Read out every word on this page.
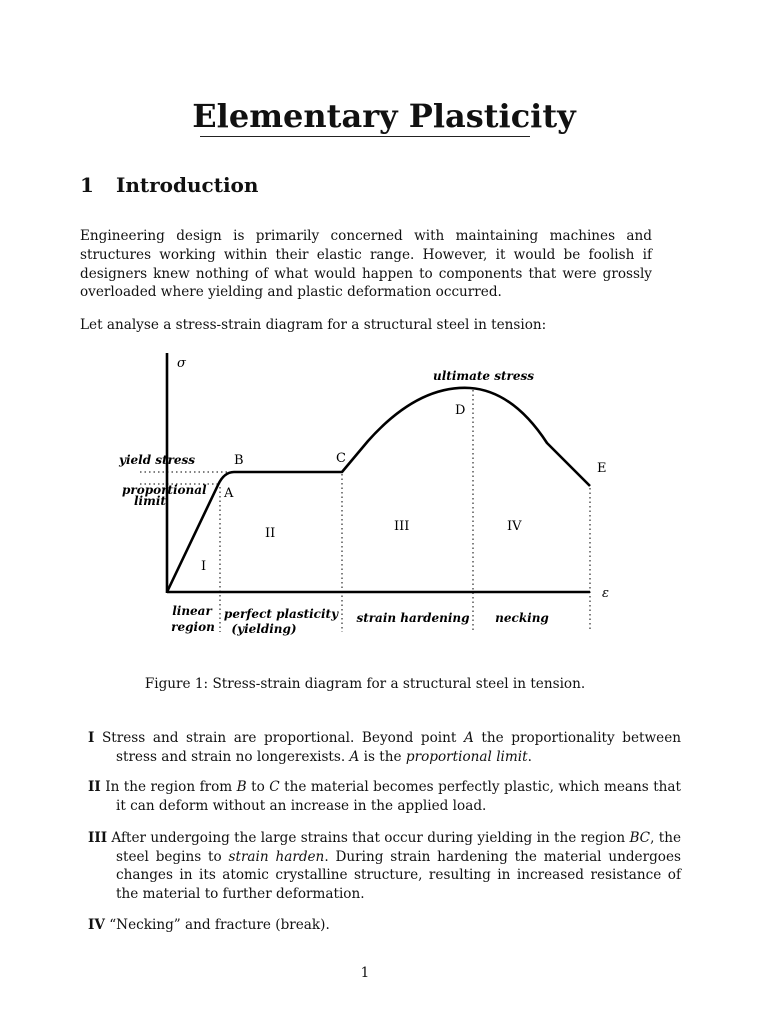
Elementary Plasticity
1 Introduction

Engineering design is primarily concerned with maintaining machines and structures working within their elastic range. However, it would be foolish if designers knew nothing of what would happen to components that were grossly overloaded where yielding and plastic deformation occurred.

Let analyse a stress-strain diagram for a structural steel in tension:

σ
ε
A
B	C
D
E
I
II	III	IV
ultimate stress
yield stress
proportional
limit
linear
region
perfect plasticity
(yielding)
strain hardening necking

Figure 1: Stress-strain diagram for a structural steel in tension.

I Stress and strain are proportional. Beyond point A the proportionality between stress and strain no longerexists. A is the proportional limit.

II In the region from B to C the material becomes perfectly plastic, which means that it can deform without an increase in the applied load.

III After undergoing the large strains that occur during yielding in the region BC, the steel begins to strain harden. During strain hardening the material undergoes changes in its atomic crystalline structure, resulting in increased resistance of the material to further deformation.

IV “Necking” and fracture (break).

1
